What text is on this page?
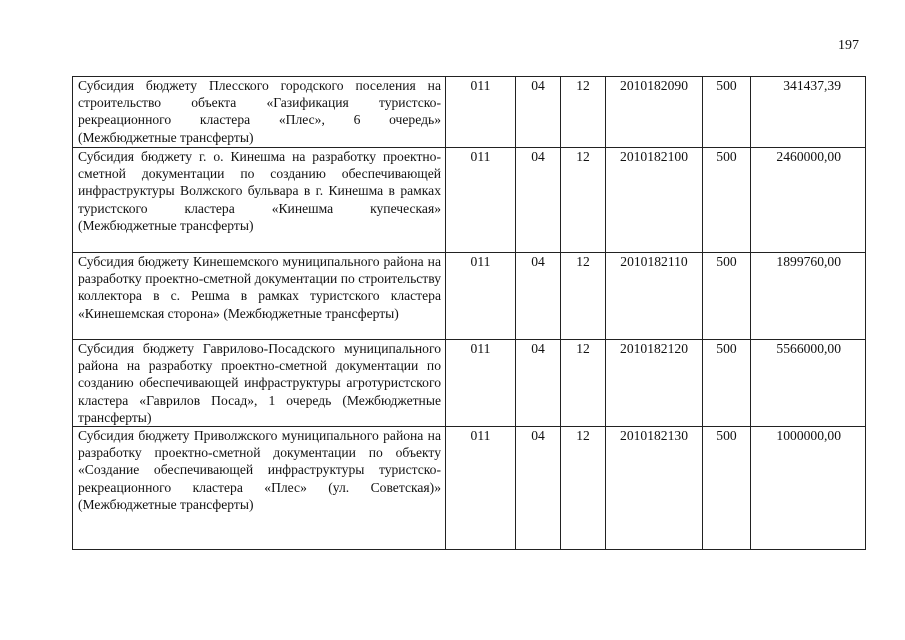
197
Субсидия бюджету Плесского городского поселения на строительство объекта «Газификация туристско-рекреационного кластера «Плес», 6 очередь» (Межбюджетные трансферты)	011	04	12	2010182090	500	341437,39
Субсидия бюджету г. о. Кинешма на разработку проектно-сметной документации по созданию обеспечивающей инфраструктуры Волжского бульвара в г. Кинешма в рамках туристского кластера «Кинешма купеческая» (Межбюджетные трансферты)	011	04	12	2010182100	500	2460000,00
Субсидия бюджету Кинешемского муниципального района на разработку проектно-сметной документации по строительству коллектора в с. Решма в рамках туристского кластера «Кинешемская сторона» (Межбюджетные трансферты)	011	04	12	2010182110	500	1899760,00
Субсидия бюджету Гаврилово-Посадского муниципального района на разработку проектно-сметной документации по созданию обеспечивающей инфраструктуры агротуристского кластера «Гаврилов Посад», 1 очередь (Межбюджетные трансферты)	011	04	12	2010182120	500	5566000,00
Субсидия бюджету Приволжского муниципального района на разработку проектно-сметной документации по объекту «Создание обеспечивающей инфраструктуры туристско-рекреационного кластера «Плес» (ул. Советская)» (Межбюджетные трансферты)	011	04	12	2010182130	500	1000000,00
